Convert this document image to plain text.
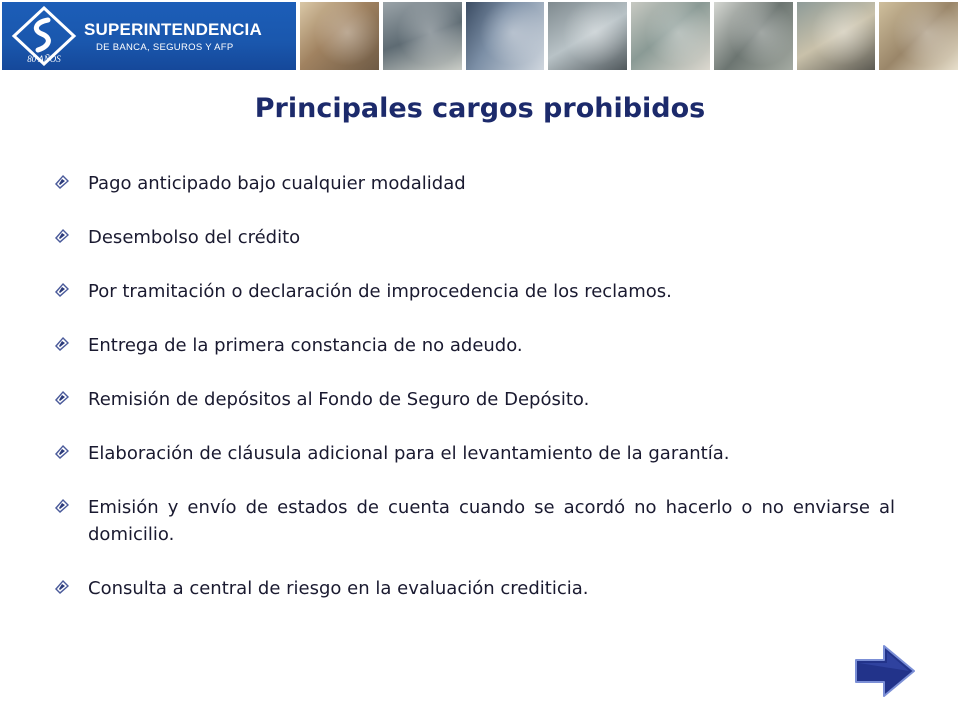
80 AÑOS
SUPERINTENDENCIA
DE BANCA, SEGUROS Y AFP
Principales cargos prohibidos
Pago anticipado bajo cualquier modalidad
Desembolso del crédito
Por tramitación o declaración de improcedencia de los reclamos.
Entrega de la primera constancia de no adeudo.
Remisión de depósitos al Fondo de Seguro de Depósito.
Elaboración de cláusula adicional para el levantamiento de la garantía.
Emisión y envío de estados de cuenta cuando se acordó no hacerlo o no enviarse al domicilio.
Consulta a central de riesgo en la evaluación crediticia.
